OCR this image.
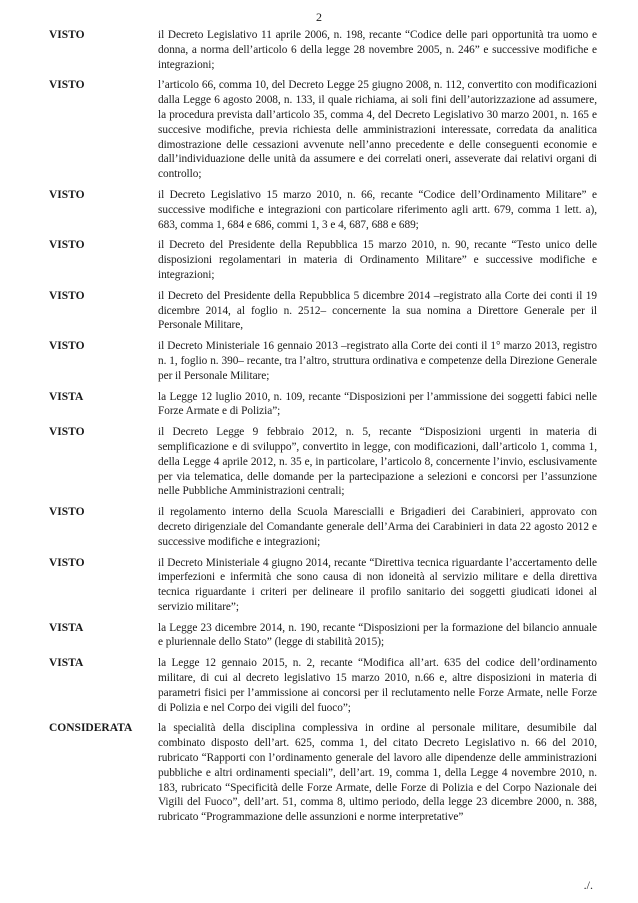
2
VISTO	il Decreto Legislativo 11 aprile 2006, n. 198, recante “Codice delle pari opportunità tra uomo e donna, a norma dell’articolo 6 della legge 28 novembre 2005, n. 246” e successive modifiche e integrazioni;
VISTO	l’articolo 66, comma 10, del Decreto Legge 25 giugno 2008, n. 112, convertito con modificazioni dalla Legge 6 agosto 2008, n. 133, il quale richiama, ai soli fini dell’autorizzazione ad assumere, la procedura prevista dall’articolo 35, comma 4, del Decreto Legislativo 30 marzo 2001, n. 165 e succesive modifiche, previa richiesta delle amministrazioni interessate, corredata da analitica dimostrazione delle cessazioni avvenute nell’anno precedente e delle conseguenti economie e dall’individuazione delle unità da assumere e dei correlati oneri, asseverate dai relativi organi di controllo;
VISTO	il Decreto Legislativo 15 marzo 2010, n. 66, recante “Codice dell’Ordinamento Militare” e successive modifiche e integrazioni con particolare riferimento agli artt. 679, comma 1 lett. a), 683, comma 1, 684 e 686, commi 1, 3 e 4, 687, 688 e 689;
VISTO	il Decreto del Presidente della Repubblica 15 marzo 2010, n. 90, recante “Testo unico delle disposizioni regolamentari in materia di Ordinamento Militare” e successive modifiche e integrazioni;
VISTO	il Decreto del Presidente della Repubblica 5 dicembre 2014 –registrato alla Corte dei conti il 19 dicembre 2014, al foglio n. 2512– concernente la sua nomina a Direttore Generale per il Personale Militare,
VISTO	il Decreto Ministeriale 16 gennaio 2013 –registrato alla Corte dei conti il 1° marzo 2013, registro n. 1, foglio n. 390– recante, tra l’altro, struttura ordinativa e competenze della Direzione Generale per il Personale Militare;
VISTA	la Legge 12 luglio 2010, n. 109, recante “Disposizioni per l’ammissione dei soggetti fabici nelle Forze Armate e di Polizia”;
VISTO	il Decreto Legge 9 febbraio 2012, n. 5, recante “Disposizioni urgenti in materia di semplificazione e di sviluppo”, convertito in legge, con modificazioni, dall’articolo 1, comma 1, della Legge 4 aprile 2012, n. 35 e, in particolare, l’articolo 8, concernente l’invio, esclusivamente per via telematica, delle domande per la partecipazione a selezioni e concorsi per l’assunzione nelle Pubbliche Amministrazioni centrali;
VISTO	il regolamento interno della Scuola Marescialli e Brigadieri dei Carabinieri, approvato con decreto dirigenziale del Comandante generale dell’Arma dei Carabinieri in data 22 agosto 2012 e successive modifiche e integrazioni;
VISTO	il Decreto Ministeriale 4 giugno 2014, recante “Direttiva tecnica riguardante l’accertamento delle imperfezioni e infermità che sono causa di non idoneità al servizio militare e della direttiva tecnica riguardante i criteri per delineare il profilo sanitario dei soggetti giudicati idonei al servizio militare”;
VISTA	la Legge 23 dicembre 2014, n. 190, recante “Disposizioni per la formazione del bilancio annuale e pluriennale dello Stato” (legge di stabilità 2015);
VISTA	la Legge 12 gennaio 2015, n. 2, recante “Modifica all’art. 635 del codice dell’ordinamento militare, di cui al decreto legislativo 15 marzo 2010, n.66 e, altre disposizioni in materia di parametri fisici per l’ammissione ai concorsi per il reclutamento nelle Forze Armate, nelle Forze di Polizia e nel Corpo dei vigili del fuoco”;
CONSIDERATA	la specialità della disciplina complessiva in ordine al personale militare, desumibile dal combinato disposto dell’art. 625, comma 1, del citato Decreto Legislativo n. 66 del 2010, rubricato “Rapporti con l’ordinamento generale del lavoro alle dipendenze delle amministrazioni pubbliche e altri ordinamenti speciali”, dell’art. 19, comma 1, della Legge 4 novembre 2010, n. 183, rubricato “Specificità delle Forze Armate, delle Forze di Polizia e del Corpo Nazionale dei Vigili del Fuoco”, dell’art. 51, comma 8, ultimo periodo, della legge 23 dicembre 2000, n. 388, rubricato “Programmazione delle assunzioni e norme interpretative”
./.
